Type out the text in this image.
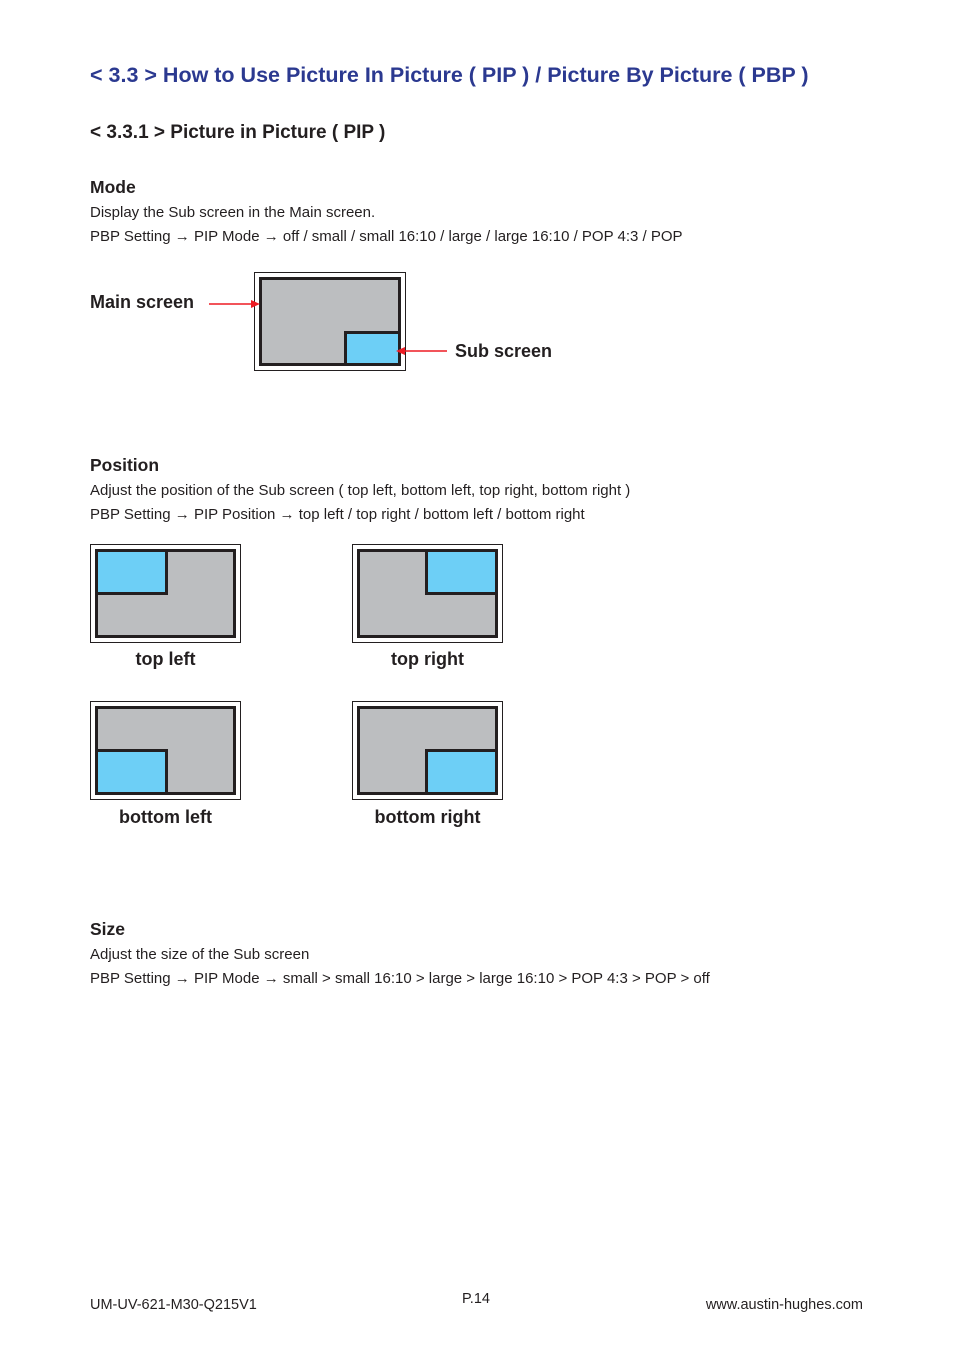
< 3.3 > How to Use Picture In Picture ( PIP ) / Picture By Picture ( PBP )
< 3.3.1 > Picture in Picture ( PIP )
Mode
Display the Sub screen in the Main screen.
PBP Setting → PIP Mode → off / small / small 16:10 / large / large 16:10 / POP 4:3 / POP
Main screen
Sub screen
Position
Adjust the position of the Sub screen ( top left, bottom left, top right, bottom right )
PBP Setting → PIP Position → top left / top right / bottom left / bottom right
top left	top right
bottom left	bottom right
Size
Adjust the size of the Sub screen
PBP Setting → PIP Mode → small > small 16:10 > large > large 16:10 > POP 4:3 > POP > off
UM-UV-621-M30-Q215V1	P.14	www.austin-hughes.com
